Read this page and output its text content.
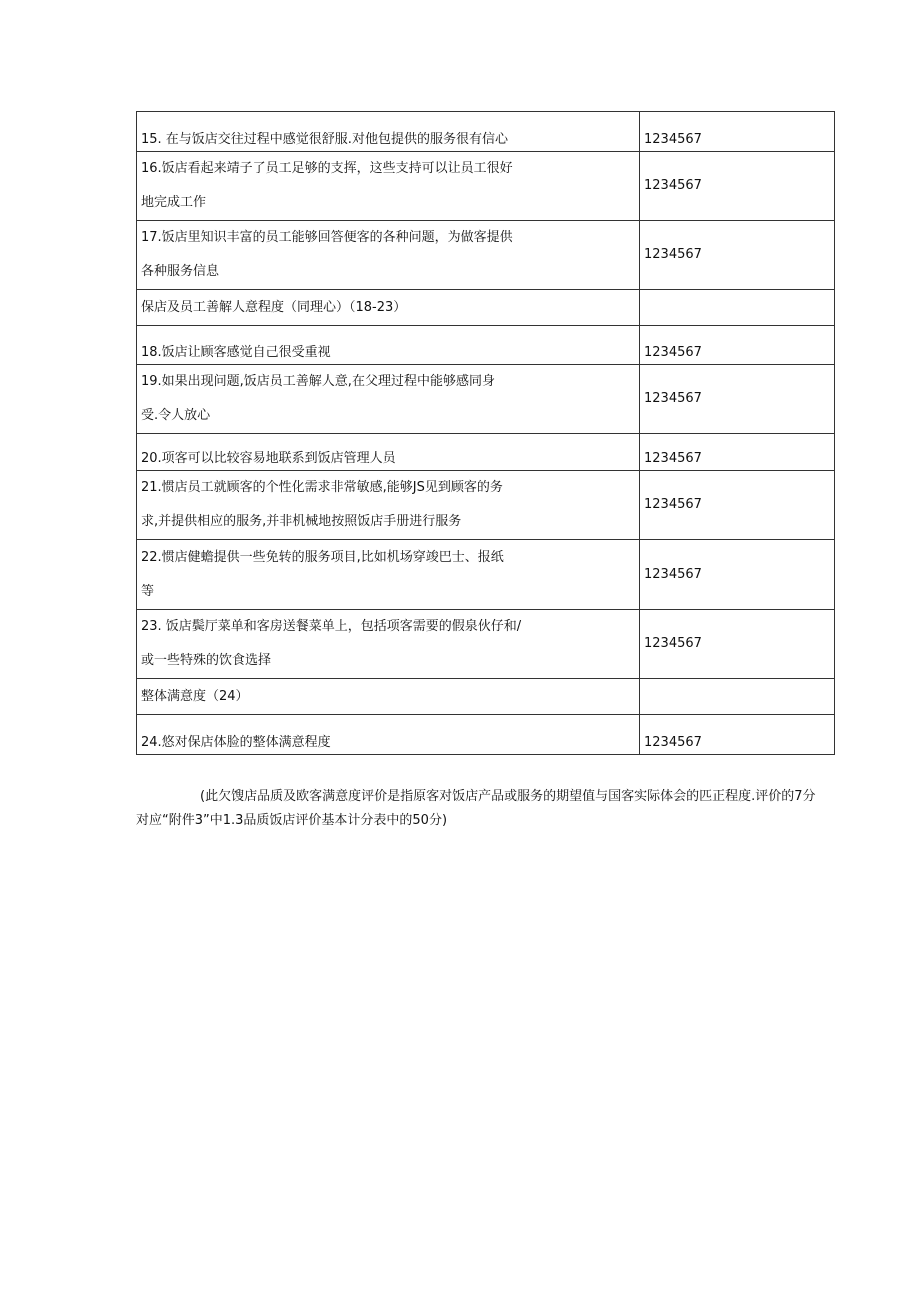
15. 在与饭店交往过程中感觉很舒服.对他包提供的服务很有信心	1234567
16.饭店看起来靖子了员工足够的支挥，这些支持可以让员工很好
地完成工作	1234567
17.饭店里知识丰富的员工能够回答便客的各种问题，为做客提供
各种服务信息	1234567
保店及员工善解人意程度（同理心）（18-23）	
18.饭店让顾客感觉自己很受重视	1234567
19.如果出现问题,饭店员工善解人意,在父理过程中能够感同身
受.令人放心	1234567
20.项客可以比较容易地联系到饭店管理人员	1234567
21.惯店员工就顾客的个性化需求非常敏感,能够JS见到顾客的务
求,并提供相应的服务,并非机械地按照饭店手册进行服务	1234567
22.惯店健蟾提供一些免转的服务项目,比如机场穿竣巴士、报纸
等	1234567
23. 饭店鬓厅菜单和客房送餐菜单上，包括项客需要的假泉伙仔和/
或一些特殊的饮食选择	1234567
整体满意度（24）	
24.悠对保店体脸的整体满意程度	1234567
(此欠馊店品质及欧客满意度评价是指原客对饭店产品或服务的期望值与国客实际体会的匹正程度.评价的7分对应“附件3”中1.3品质饭店评价基本计分表中的50分)
